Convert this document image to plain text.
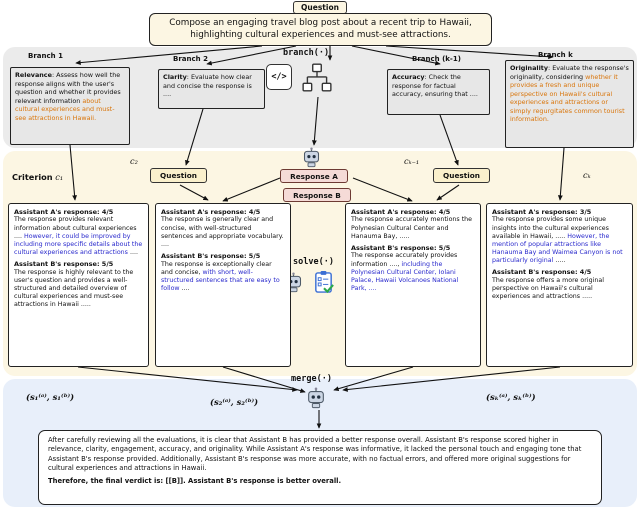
Question
Compose an engaging travel blog post about a recent trip to Hawaii, highlighting cultural experiences and must-see attractions.
Branch 1	Branch 2
branch(·)
Branch (k-1)	Branch k
Relevance: Assess how well the response aligns with the user's question and whether it provides relevant information about cultural experiences and must-see attractions in Hawaii.
Clarity: Evaluate how clear and concise the response is ....
Accuracy: Check the response for factual accuracy, ensuring that ....
Originality: Evaluate the response's originality, considering whether it provides a fresh and unique perspective on Hawaii's cultural experiences and attractions or simply regurgitates common tourist information.
</>
Criterion c₁
c₂
Question	Response A
Response B
cₖ₋₁
Question	cₖ
solve(·)
Assistant A's response: 4/5
The response provides relevant information about cultural experiences .... However, it could be improved by including more specific details about the cultural experiences and attractions ....
Assistant B's response: 5/5
The response is highly relevant to the user's question and provides a well-structured and detailed overview of cultural experiences and must-see attractions in Hawaii .....
Assistant A's response: 4/5
The response is generally clear and concise, with well-structured sentences and appropriate vocabulary. ....
Assistant B's response: 5/5
The response is exceptionally clear and concise, with short, well-structured sentences that are easy to follow ....
Assistant A's response: 4/5
The response accurately mentions the Polynesian Cultural Center and Hanauma Bay, .....
Assistant B's response: 5/5
The response accurately provides information ...., including the Polynesian Cultural Center, Iolani Palace, Hawaii Volcanoes National Park, ....
Assistant A's response: 3/5
The response provides some unique insights into the cultural experiences available in Hawaii, ..... However, the mention of popular attractions like Hanauma Bay and Waimea Canyon is not particularly original .....
Assistant B's response: 4/5
The response offers a more original perspective on Hawaii's cultural experiences and attractions .....
merge(·)
(s₁⁽ᵃ⁾, s₁⁽ᵇ⁾)	(s₂⁽ᵃ⁾, s₂⁽ᵇ⁾)	(sₖ⁽ᵃ⁾, sₖ⁽ᵇ⁾)
After carefully reviewing all the evaluations, it is clear that Assistant B has provided a better response overall. Assistant B's response scored higher in relevance, clarity, engagement, accuracy, and originality. While Assistant A's response was informative, it lacked the personal touch and engaging tone that Assistant B's response provided. Additionally, Assistant B's response was more accurate, with no factual errors, and offered more original suggestions for cultural experiences and attractions in Hawaii.
Therefore, the final verdict is: [[B]]. Assistant B's response is better overall.
